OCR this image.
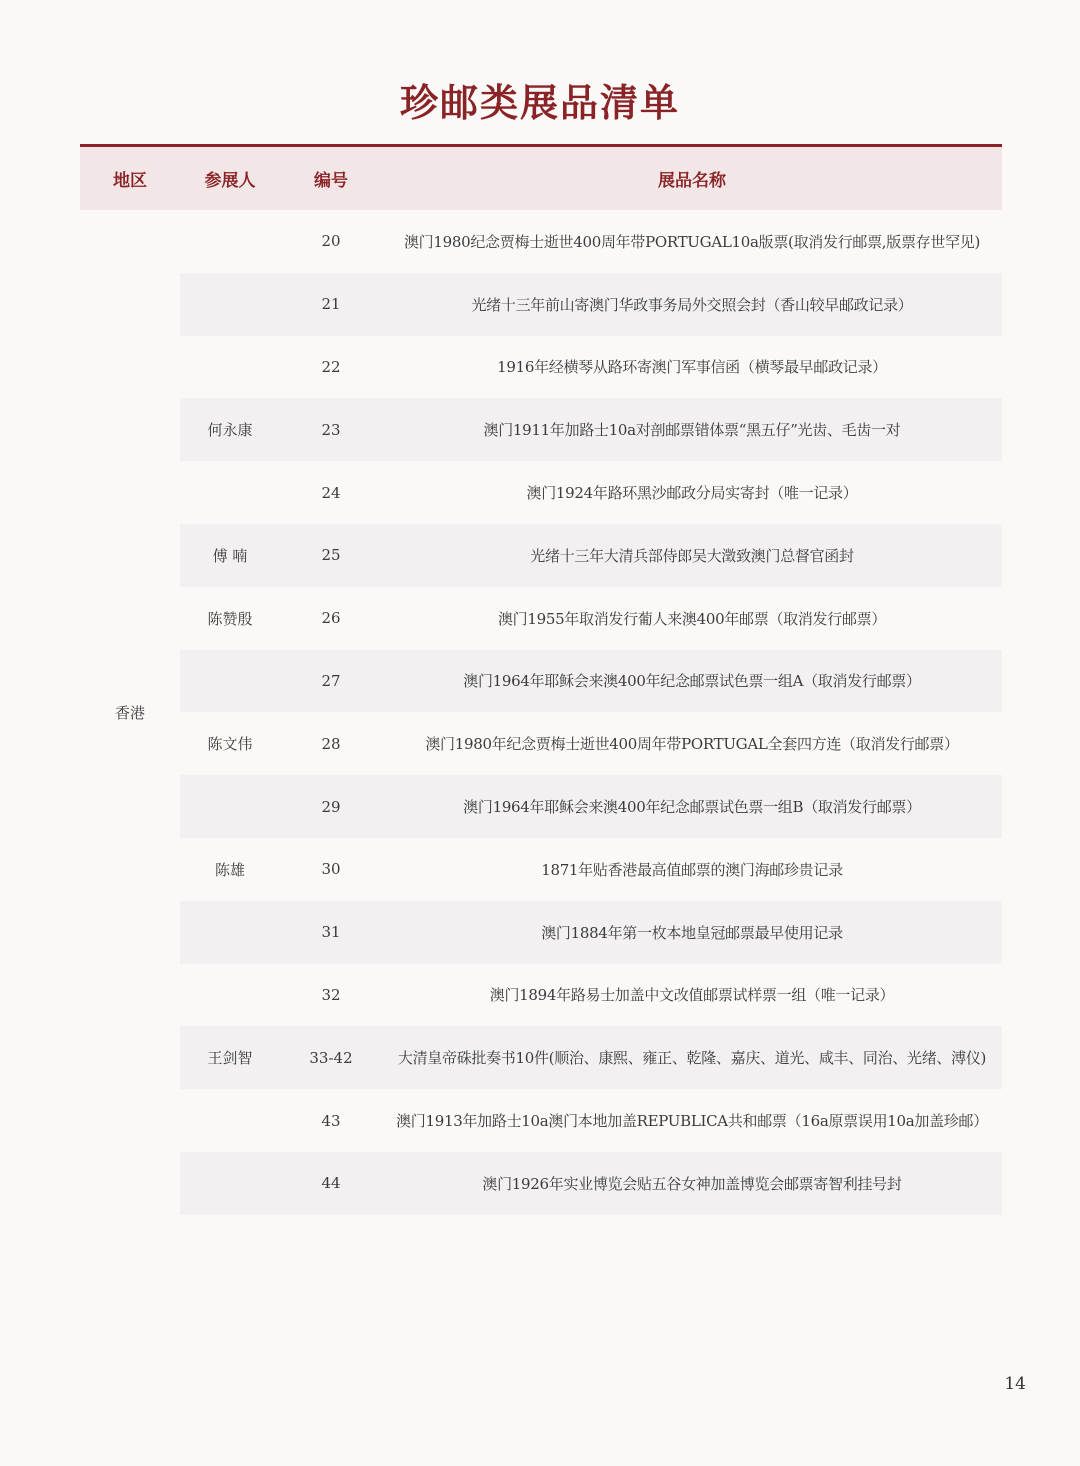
珍邮类展品清单
地区	参展人	编号	展品名称
香港		20	澳门1980纪念贾梅士逝世400周年带PORTUGAL10a版票(取消发行邮票,版票存世罕见)
		21	光绪十三年前山寄澳门华政事务局外交照会封（香山较早邮政记录）
		22	1916年经横琴从路环寄澳门军事信函（横琴最早邮政记录）
	何永康	23	澳门1911年加路士10a对剖邮票错体票“黑五仔”光齿、毛齿一对
		24	澳门1924年路环黑沙邮政分局实寄封（唯一记录）
	傅 喃	25	光绪十三年大清兵部侍郎吴大澂致澳门总督官函封
	陈赞殷	26	澳门1955年取消发行葡人来澳400年邮票（取消发行邮票）
		27	澳门1964年耶稣会来澳400年纪念邮票试色票一组A（取消发行邮票）
	陈文伟	28	澳门1980年纪念贾梅士逝世400周年带PORTUGAL全套四方连（取消发行邮票）
		29	澳门1964年耶稣会来澳400年纪念邮票试色票一组B（取消发行邮票）
	陈雄	30	1871年贴香港最高值邮票的澳门海邮珍贵记录
		31	澳门1884年第一枚本地皇冠邮票最早使用记录
		32	澳门1894年路易士加盖中文改值邮票试样票一组（唯一记录）
	王剑智	33-42	大清皇帝硃批奏书10件(顺治、康熙、雍正、乾隆、嘉庆、道光、咸丰、同治、光绪、溥仪)
		43	澳门1913年加路士10a澳门本地加盖REPUBLICA共和邮票（16a原票误用10a加盖珍邮）
		44	澳门1926年实业博览会贴五谷女神加盖博览会邮票寄智利挂号封
14
